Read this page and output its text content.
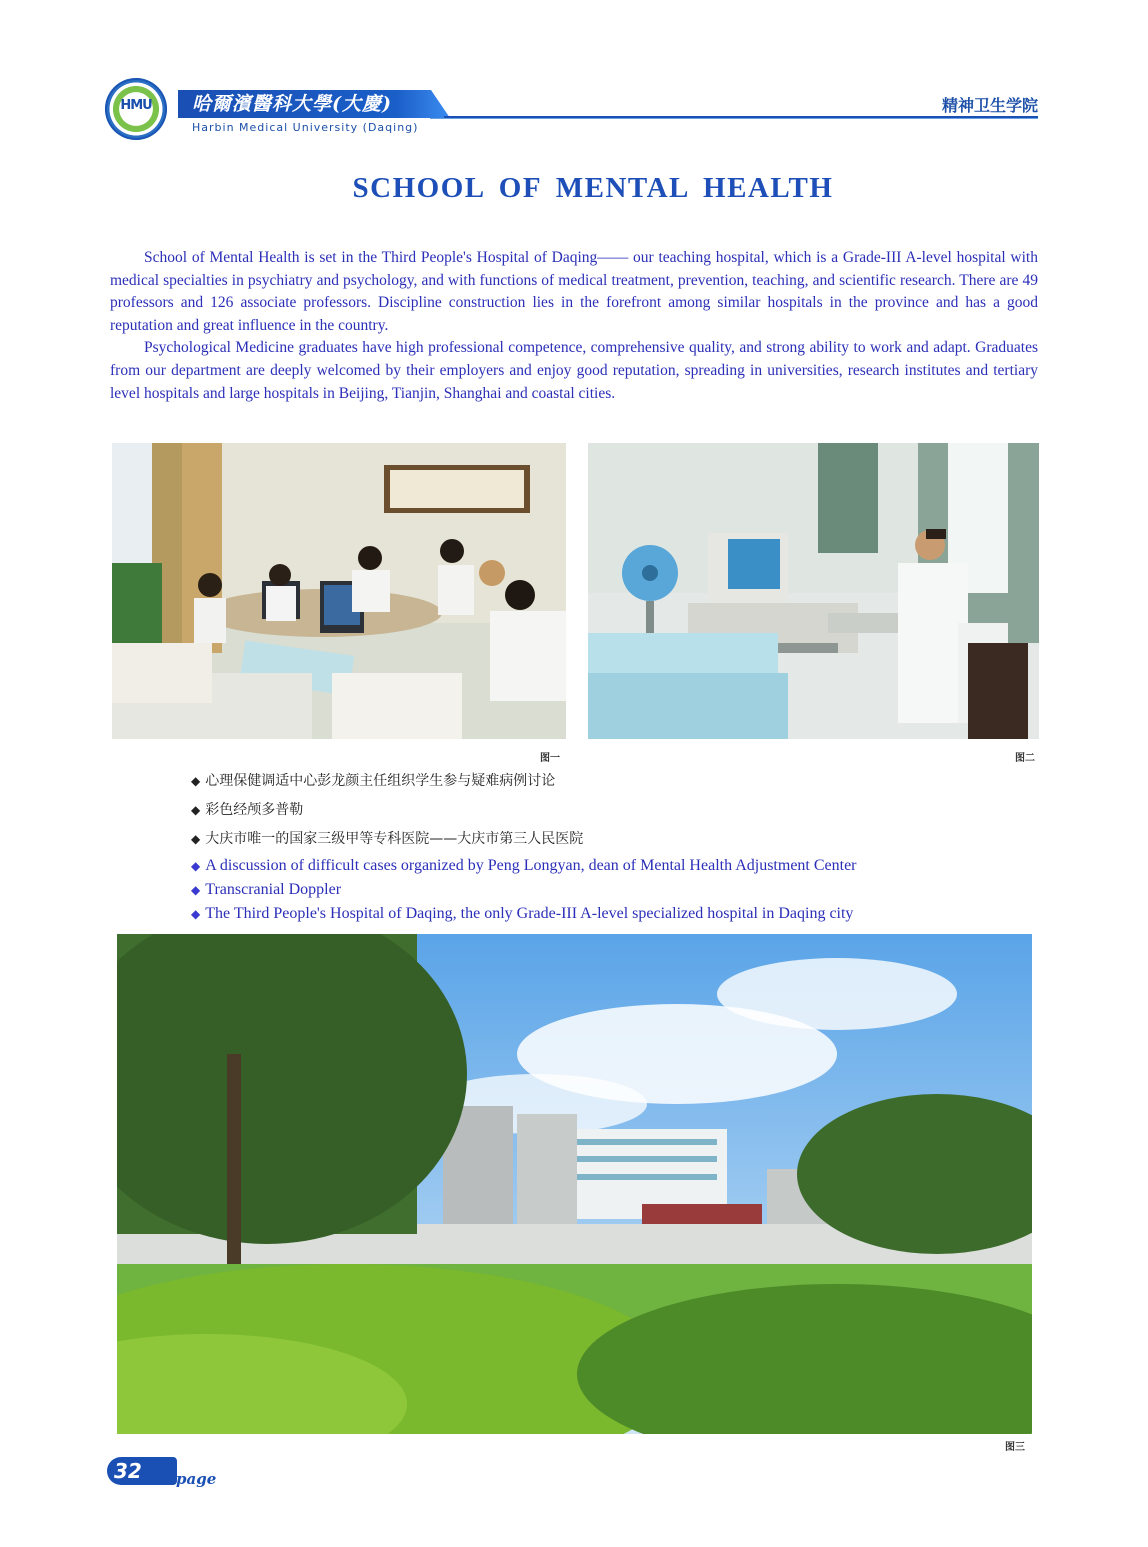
HMU 哈爾濱醫科大學(大慶)
Harbin Medical University (Daqing)
精神卫生学院
SCHOOL OF MENTAL HEALTH

School of Mental Health is set in the Third People's Hospital of Daqing—— our teaching hospital, which is a Grade-III A-level hospital with medical specialties in psychiatry and psychology, and with functions of medical treatment, prevention, teaching, and scientific research. There are 49 professors and 126 associate professors. Discipline construction lies in the forefront among similar hospitals in the province and has a good reputation and great influence in the country.

Psychological Medicine graduates have high professional competence, comprehensive quality, and strong ability to work and adapt. Graduates from our department are deeply welcomed by their employers and enjoy good reputation, spreading in universities, research institutes and tertiary level hospitals and large hospitals in Beijing, Tianjin, Shanghai and coastal cities.

图一	图二
◆ 心理保健调适中心彭龙颜主任组织学生参与疑难病例讨论
◆ 彩色经颅多普勒
◆ 大庆市唯一的国家三级甲等专科医院——大庆市第三人民医院
◆ A discussion of difficult cases organized by Peng Longyan, dean of Mental Health Adjustment Center
◆ Transcranial Doppler
◆ The Third People's Hospital of Daqing, the only Grade-III A-level specialized hospital in Daqing city
图三
32 page
